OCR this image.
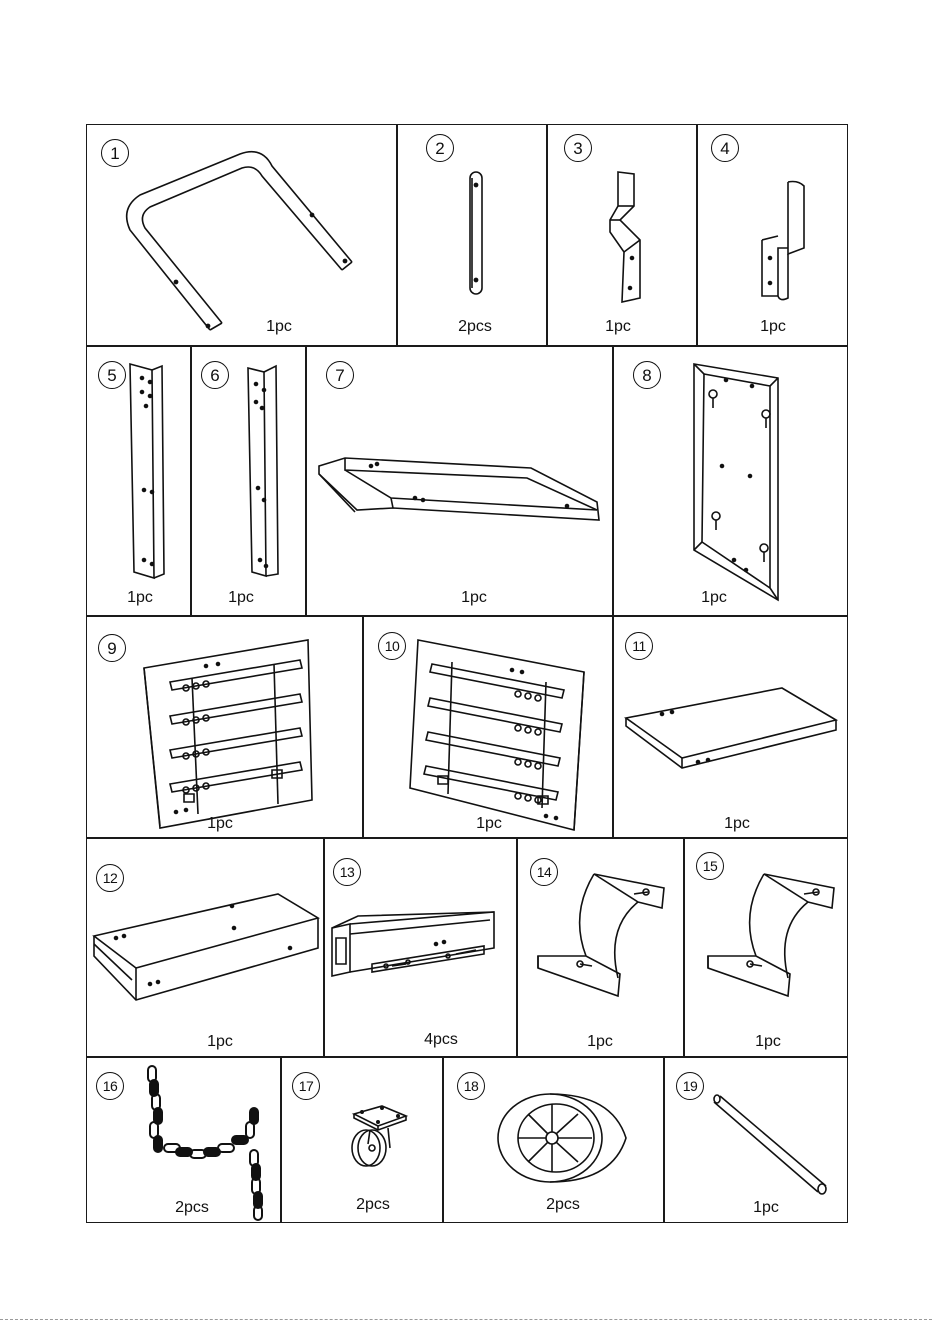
1
1pc
2
2pcs
3
1pc
4
1pc
5
1pc
6
1pc
7
1pc
8
1pc
9
1pc
10
1pc
11
1pc
12
1pc
13
4pcs
14
1pc
15
1pc
16
2pcs
17
2pcs
18
2pcs
19
1pc
